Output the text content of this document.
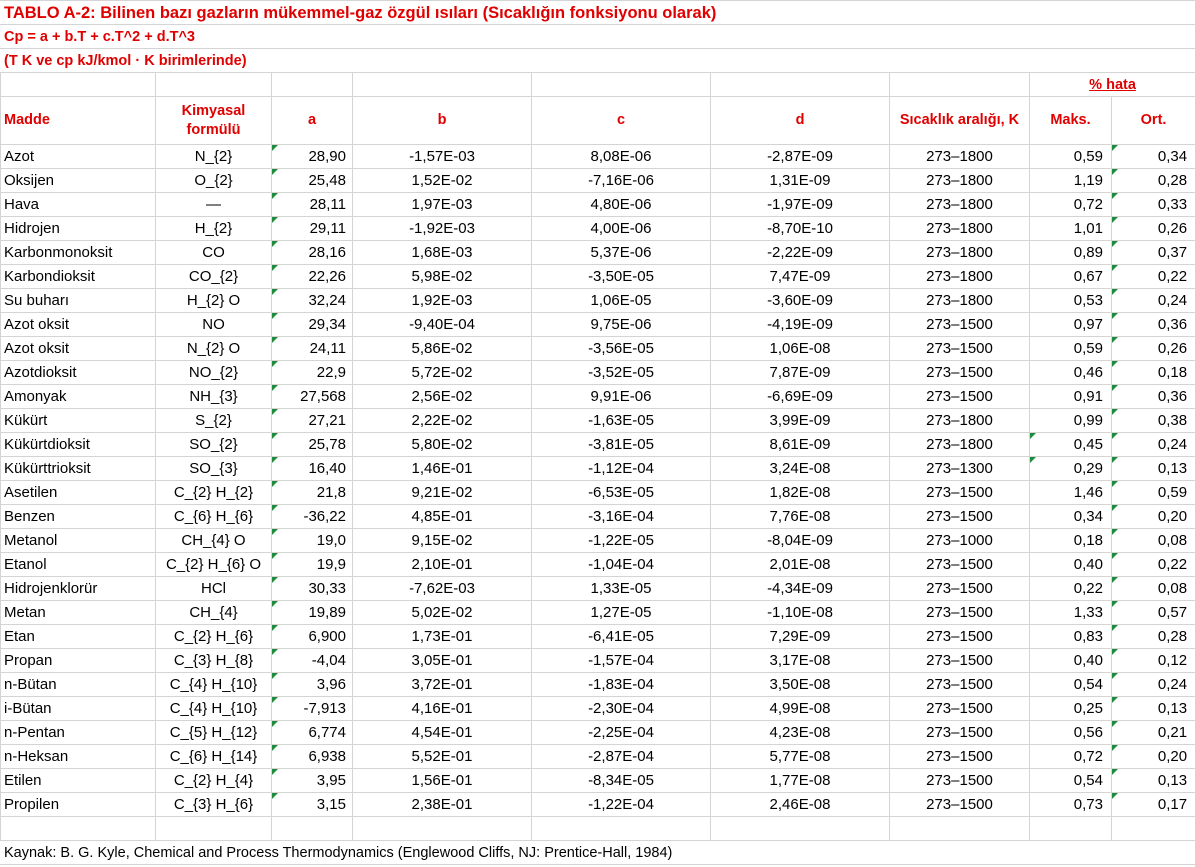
TABLO A-2: Bilinen bazı gazların mükemmel-gaz özgül ısıları (Sıcaklığın fonksiyonu olarak)								
Cp = a + b.T + c.T^2 + d.T^3								
(T K ve cp kJ/kmol · K birimlerinde)								
							% hata	
Madde	Kimyasal formülü	a	b	c	d	Sıcaklık aralığı, K	Maks.	Ort.
Azot	N_{2}	28,90	-1,57E-03	8,08E-06	-2,87E-09	273–1800	0,59	0,34
Oksijen	O_{2}	25,48	1,52E-02	-7,16E-06	1,31E-09	273–1800	1,19	0,28
Hava	—	28,11	1,97E-03	4,80E-06	-1,97E-09	273–1800	0,72	0,33
Hidrojen	H_{2}	29,11	-1,92E-03	4,00E-06	-8,70E-10	273–1800	1,01	0,26
Karbonmonoksit	CO	28,16	1,68E-03	5,37E-06	-2,22E-09	273–1800	0,89	0,37
Karbondioksit	CO_{2}	22,26	5,98E-02	-3,50E-05	7,47E-09	273–1800	0,67	0,22
Su buharı	H_{2} O	32,24	1,92E-03	1,06E-05	-3,60E-09	273–1800	0,53	0,24
Azot oksit	NO	29,34	-9,40E-04	9,75E-06	-4,19E-09	273–1500	0,97	0,36
Azot oksit	N_{2} O	24,11	5,86E-02	-3,56E-05	1,06E-08	273–1500	0,59	0,26
Azotdioksit	NO_{2}	22,9	5,72E-02	-3,52E-05	7,87E-09	273–1500	0,46	0,18
Amonyak	NH_{3}	27,568	2,56E-02	9,91E-06	-6,69E-09	273–1500	0,91	0,36
Kükürt	S_{2}	27,21	2,22E-02	-1,63E-05	3,99E-09	273–1800	0,99	0,38
Kükürtdioksit	SO_{2}	25,78	5,80E-02	-3,81E-05	8,61E-09	273–1800	0,45	0,24
Kükürttrioksit	SO_{3}	16,40	1,46E-01	-1,12E-04	3,24E-08	273–1300	0,29	0,13
Asetilen	C_{2} H_{2}	21,8	9,21E-02	-6,53E-05	1,82E-08	273–1500	1,46	0,59
Benzen	C_{6} H_{6}	-36,22	4,85E-01	-3,16E-04	7,76E-08	273–1500	0,34	0,20
Metanol	CH_{4} O	19,0	9,15E-02	-1,22E-05	-8,04E-09	273–1000	0,18	0,08
Etanol	C_{2} H_{6} O	19,9	2,10E-01	-1,04E-04	2,01E-08	273–1500	0,40	0,22
Hidrojenklorür	HCl	30,33	-7,62E-03	1,33E-05	-4,34E-09	273–1500	0,22	0,08
Metan	CH_{4}	19,89	5,02E-02	1,27E-05	-1,10E-08	273–1500	1,33	0,57
Etan	C_{2} H_{6}	6,900	1,73E-01	-6,41E-05	7,29E-09	273–1500	0,83	0,28
Propan	C_{3} H_{8}	-4,04	3,05E-01	-1,57E-04	3,17E-08	273–1500	0,40	0,12
n-Bütan	C_{4} H_{10}	3,96	3,72E-01	-1,83E-04	3,50E-08	273–1500	0,54	0,24
i-Bütan	C_{4} H_{10}	-7,913	4,16E-01	-2,30E-04	4,99E-08	273–1500	0,25	0,13
n-Pentan	C_{5} H_{12}	6,774	4,54E-01	-2,25E-04	4,23E-08	273–1500	0,56	0,21
n-Heksan	C_{6} H_{14}	6,938	5,52E-01	-2,87E-04	5,77E-08	273–1500	0,72	0,20
Etilen	C_{2} H_{4}	3,95	1,56E-01	-8,34E-05	1,77E-08	273–1500	0,54	0,13
Propilen	C_{3} H_{6}	3,15	2,38E-01	-1,22E-04	2,46E-08	273–1500	0,73	0,17

Kaynak: B. G. Kyle, Chemical and Process Thermodynamics (Englewood Cliffs, NJ: Prentice-Hall, 1984)								
